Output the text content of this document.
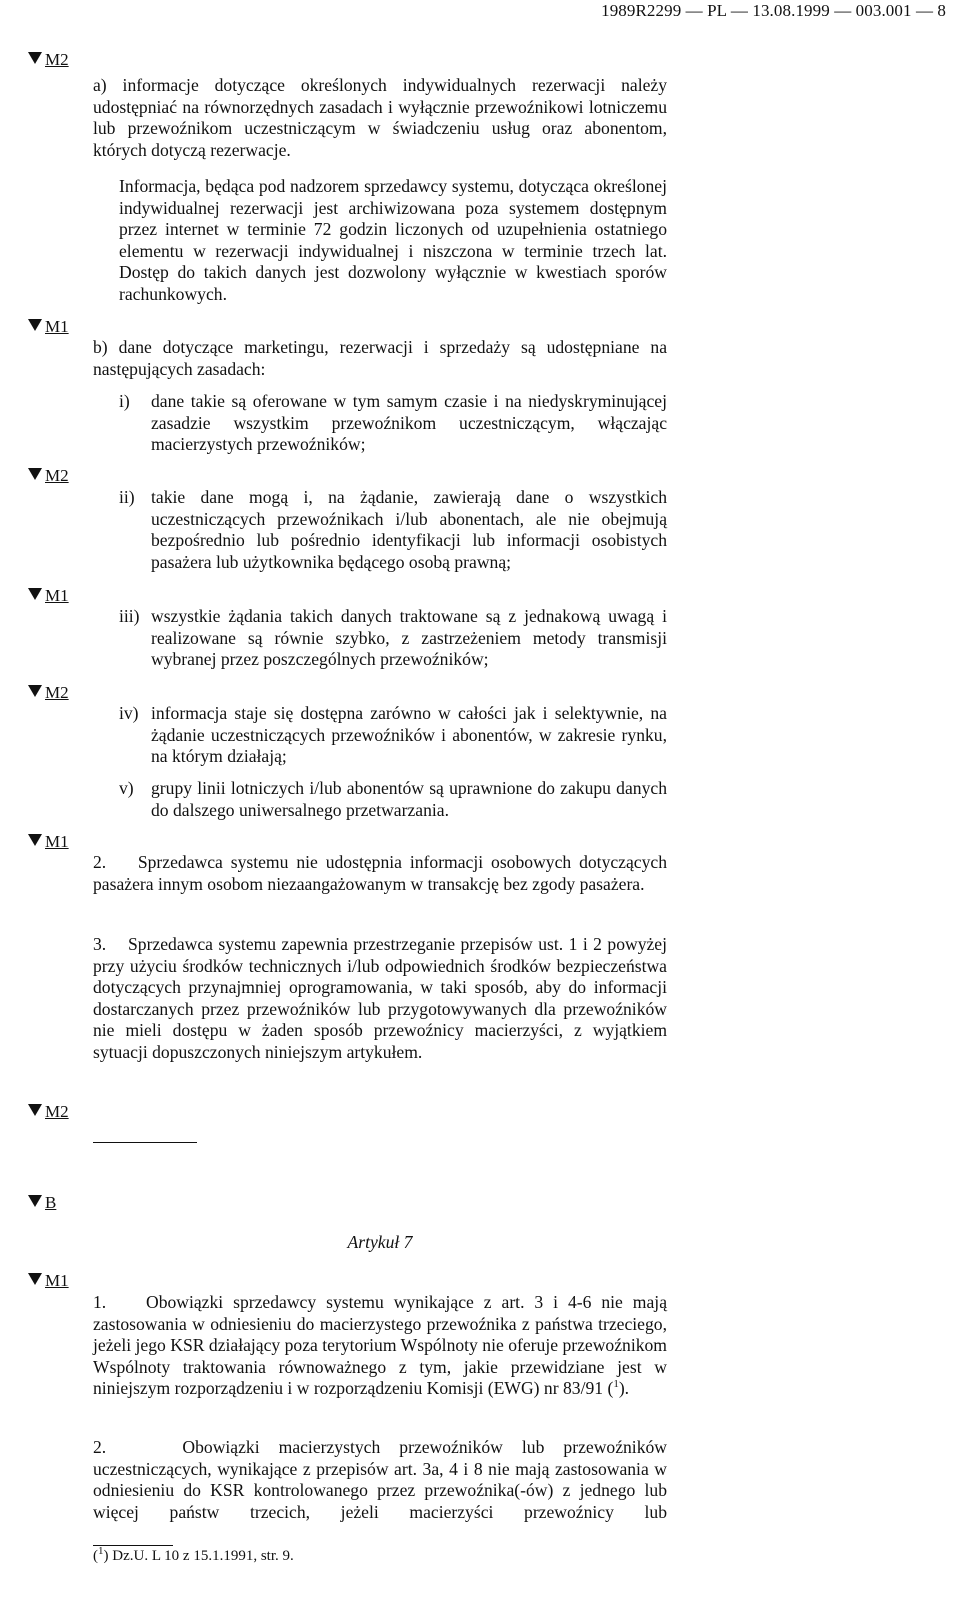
1989R2299 — PL — 13.08.1999 — 003.001 — 8
M2
M1
M2
M1
M2
M1
M2
B
M1
a) informacje dotyczące określonych indywidualnych rezerwacji należy udostępniać na równorzędnych zasadach i wyłącznie przewoźnikowi lotniczemu lub przewoźnikom uczestniczącym w świadczeniu usług oraz abonentom, których dotyczą rezerwacje.
Informacja, będąca pod nadzorem sprzedawcy systemu, dotycząca określonej indywidualnej rezerwacji jest archiwizowana poza systemem dostępnym przez internet w terminie 72 godzin liczonych od uzupełnienia ostatniego elementu w rezerwacji indywidualnej i niszczona w terminie trzech lat. Dostęp do takich danych jest dozwolony wyłącznie w kwestiach sporów rachunkowych.
b) dane dotyczące marketingu, rezerwacji i sprzedaży są udostępniane na następujących zasadach:
i) dane takie są oferowane w tym samym czasie i na niedyskryminującej zasadzie wszystkim przewoźnikom uczestniczącym, włączając macierzystych przewoźników;
ii) takie dane mogą i, na żądanie, zawierają dane o wszystkich uczestniczących przewoźnikach i/lub abonentach, ale nie obejmują bezpośrednio lub pośrednio identyfikacji lub informacji osobistych pasażera lub użytkownika będącego osobą prawną;
iii) wszystkie żądania takich danych traktowane są z jednakową uwagą i realizowane są równie szybko, z zastrzeżeniem metody transmisji wybranej przez poszczególnych przewoźników;
iv) informacja staje się dostępna zarówno w całości jak i selektywnie, na żądanie uczestniczących przewoźników i abonentów, w zakresie rynku, na którym działają;
v) grupy linii lotniczych i/lub abonentów są uprawnione do zakupu danych do dalszego uniwersalnego przetwarzania.
2. Sprzedawca systemu nie udostępnia informacji osobowych dotyczących pasażera innym osobom niezaangażowanym w transakcję bez zgody pasażera.
3. Sprzedawca systemu zapewnia przestrzeganie przepisów ust. 1 i 2 powyżej przy użyciu środków technicznych i/lub odpowiednich środków bezpieczeństwa dotyczących przynajmniej oprogramowania, w taki sposób, aby do informacji dostarczanych przez przewoźników lub przygotowywanych dla przewoźników nie mieli dostępu w żaden sposób przewoźnicy macierzyści, z wyjątkiem sytuacji dopuszczonych niniejszym artykułem.
Artykuł 7
1. Obowiązki sprzedawcy systemu wynikające z art. 3 i 4-6 nie mają zastosowania w odniesieniu do macierzystego przewoźnika z państwa trzeciego, jeżeli jego KSR działający poza terytorium Wspólnoty nie oferuje przewoźnikom Wspólnoty traktowania równoważnego z tym, jakie przewidziane jest w niniejszym rozporządzeniu i w rozporządzeniu Komisji (EWG) nr 83/91 ($^1$).
2.	Obowiązki macierzystych przewoźników lub przewoźników uczestniczących, wynikające z przepisów art. 3a, 4 i 8 nie mają zastosowania w odniesieniu do KSR kontrolowanego przez przewoźnika(-ów) z jednego lub więcej państw trzecich, jeżeli macierzyści przewoźnicy lub
($^1$) Dz.U. L 10 z 15.1.1991, str. 9.
